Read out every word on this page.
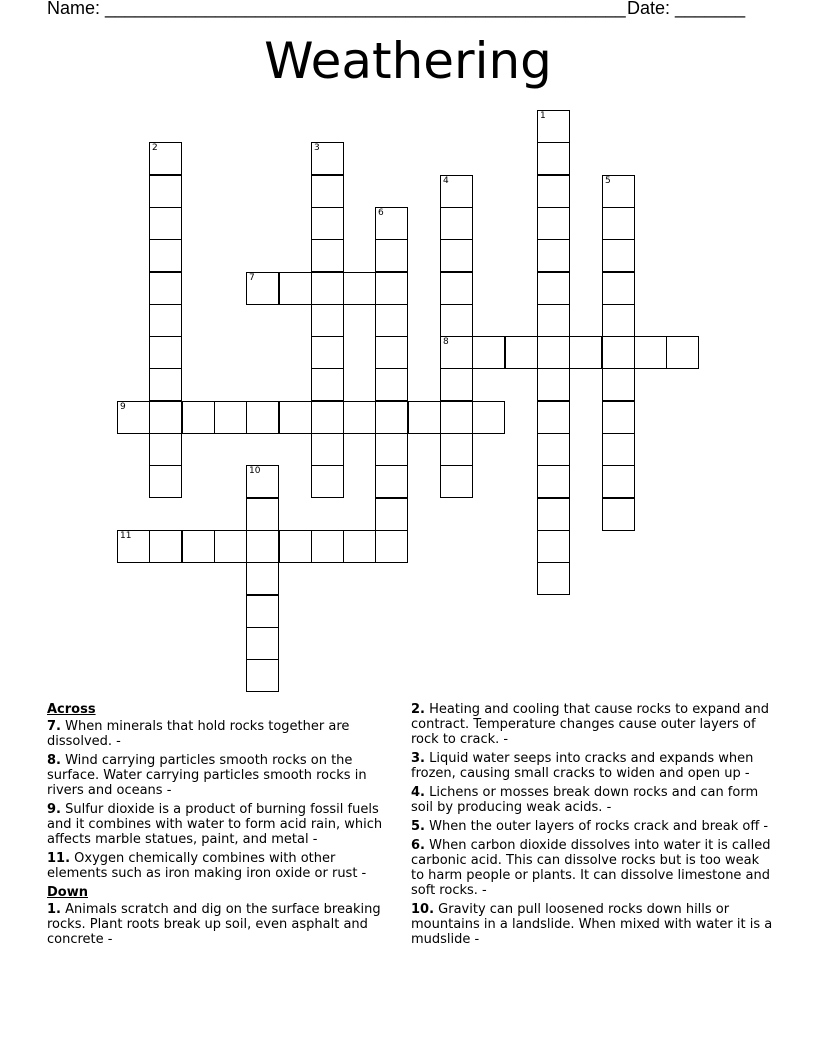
Name: ____________________________________________________ Date: _______
Weathering
1
2	3
4
8
5
6
7
9
10
11
Across
7. When minerals that hold rocks together are dissolved. -
8. Wind carrying particles smooth rocks on the surface. Water carrying particles smooth rocks in rivers and oceans -
9. Sulfur dioxide is a product of burning fossil fuels and it combines with water to form acid rain, which affects marble statues, paint, and metal -
11. Oxygen chemically combines with other elements such as iron making iron oxide or rust -
Down
1. Animals scratch and dig on the surface breaking rocks. Plant roots break up soil, even asphalt and concrete -
2. Heating and cooling that cause rocks to expand and contract. Temperature changes cause outer layers of rock to crack. -
3. Liquid water seeps into cracks and expands when frozen, causing small cracks to widen and open up -
4. Lichens or mosses break down rocks and can form soil by producing weak acids. -
5. When the outer layers of rocks crack and break off -
6. When carbon dioxide dissolves into water it is called carbonic acid. This can dissolve rocks but is too weak to harm people or plants. It can dissolve limestone and soft rocks. -
10. Gravity can pull loosened rocks down hills or mountains in a landslide. When mixed with water it is a mudslide -
